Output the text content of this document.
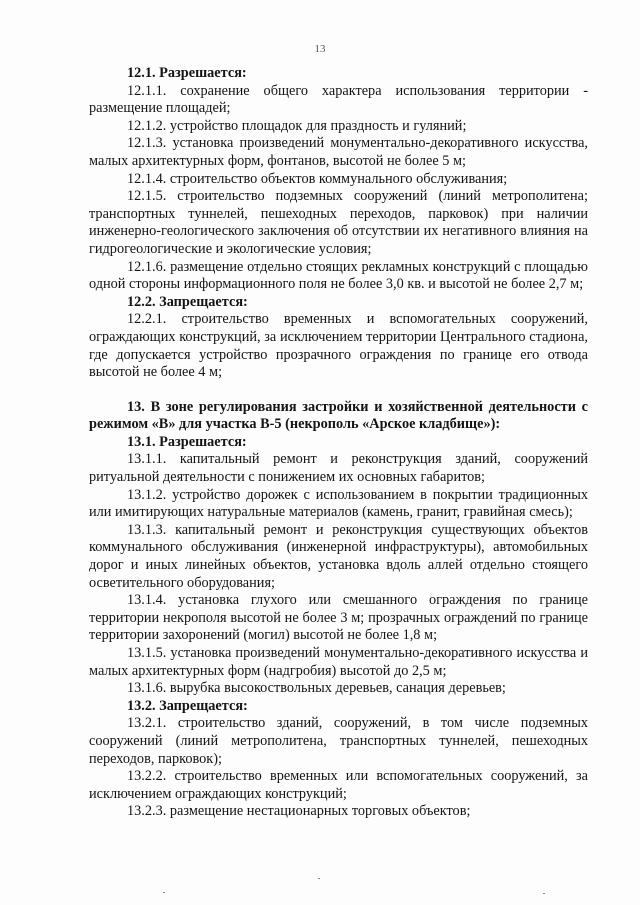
13

12.1. Разрешается:

12.1.1. сохранение общего характера использования территории - размещение площадей;

12.1.2. устройство площадок для праздность и гуляний;

12.1.3. установка произведений монументально-декоративного искусства, малых архитектурных форм, фонтанов, высотой не более 5 м;

12.1.4. строительство объектов коммунального обслуживания;

12.1.5. строительство подземных сооружений (линий метрополитена; транспортных туннелей, пешеходных переходов, парковок) при наличии инженерно-геологического заключения об отсутствии их негативного влияния на гидрогеологические и экологические условия;

12.1.6. размещение отдельно стоящих рекламных конструкций с площадью одной стороны информационного поля не более 3,0 кв. и высотой не более 2,7 м;

12.2. Запрещается:

12.2.1. строительство временных и вспомогательных сооружений, ограждающих конструкций, за исключением территории Центрального стадиона, где допускается устройство прозрачного ограждения по границе его отвода высотой не более 4 м;

13. В зоне регулирования застройки и хозяйственной деятельности с режимом «В» для участка В-5 (некрополь «Арское кладбище»):

13.1. Разрешается:

13.1.1. капитальный ремонт и реконструкция зданий, сооружений ритуальной деятельности с понижением их основных габаритов;

13.1.2. устройство дорожек с использованием в покрытии традиционных или имитирующих натуральные материалов (камень, гранит, гравийная смесь);

13.1.3. капитальный ремонт и реконструкция существующих объектов коммунального обслуживания (инженерной инфраструктуры), автомобильных дорог и иных линейных объектов, установка вдоль аллей отдельно стоящего осветительного оборудования;

13.1.4. установка глухого или смешанного ограждения по границе территории некрополя высотой не более 3 м; прозрачных ограждений по границе территории захоронений (могил) высотой не более 1,8 м;

13.1.5. установка произведений монументально-декоративного искусства и малых архитектурных форм (надгробия) высотой до 2,5 м;

13.1.6. вырубка высокоствольных деревьев, санация деревьев;

13.2. Запрещается:

13.2.1. строительство зданий, сооружений, в том числе подземных сооружений (линий метрополитена, транспортных туннелей, пешеходных переходов, парковок);

13.2.2. строительство временных или вспомогательных сооружений, за исключением ограждающих конструкций;

13.2.3. размещение нестационарных торговых объектов;
